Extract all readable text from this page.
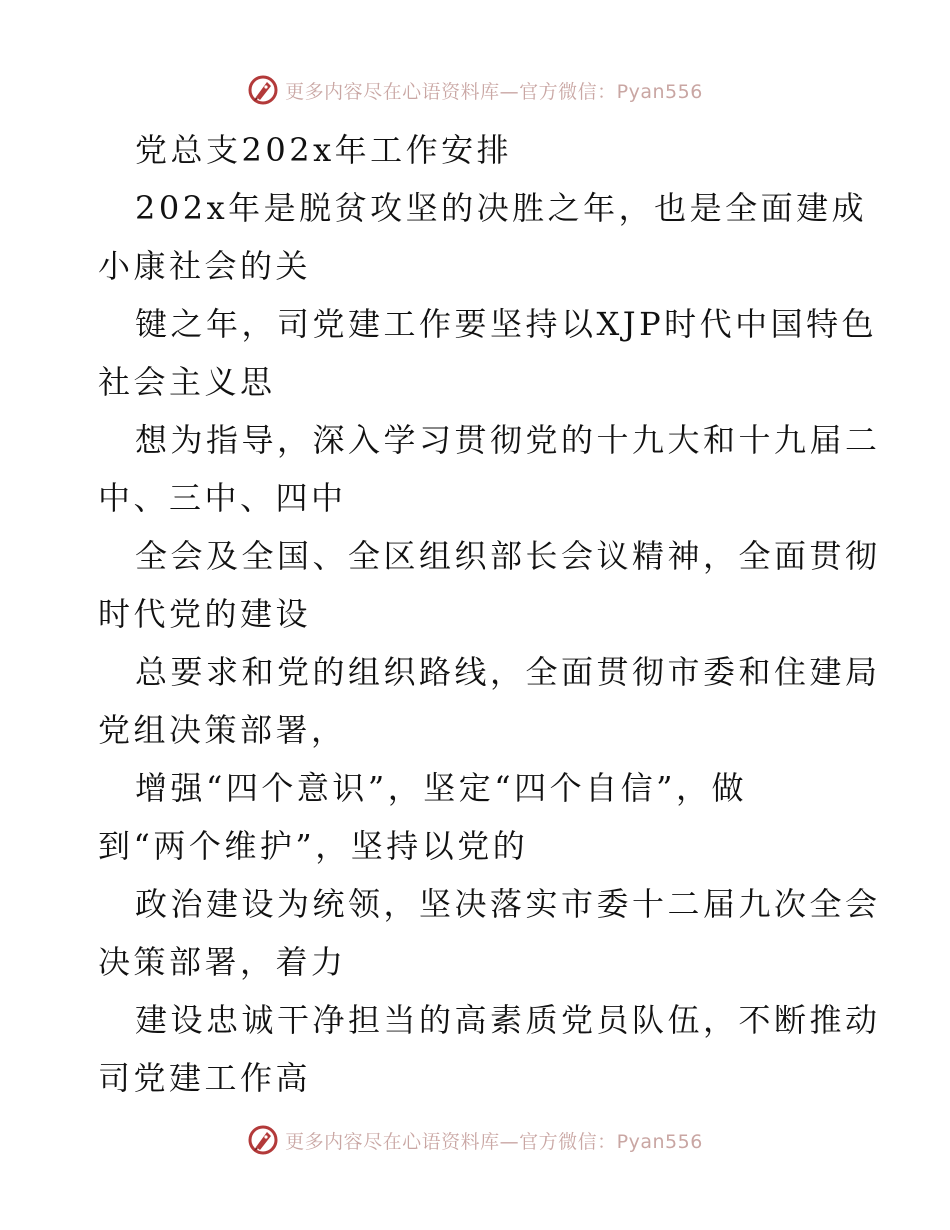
更多内容尽在心语资料库—官方微信：Pyan556
党总支202x年工作安排
202x年是脱贫攻坚的决胜之年，也是全面建成
小康社会的关
键之年，司党建工作要坚持以XJP时代中国特色
社会主义思
想为指导，深入学习贯彻党的十九大和十九届二
中、三中、四中
全会及全国、全区组织部长会议精神，全面贯彻
时代党的建设
总要求和党的组织路线，全面贯彻市委和住建局
党组决策部署，
增强“四个意识”，坚定“四个自信”，做
到“两个维护”，坚持以党的
政治建设为统领，坚决落实市委十二届九次全会
决策部署，着力
建设忠诚干净担当的高素质党员队伍，不断推动
司党建工作高
更多内容尽在心语资料库—官方微信：Pyan556
